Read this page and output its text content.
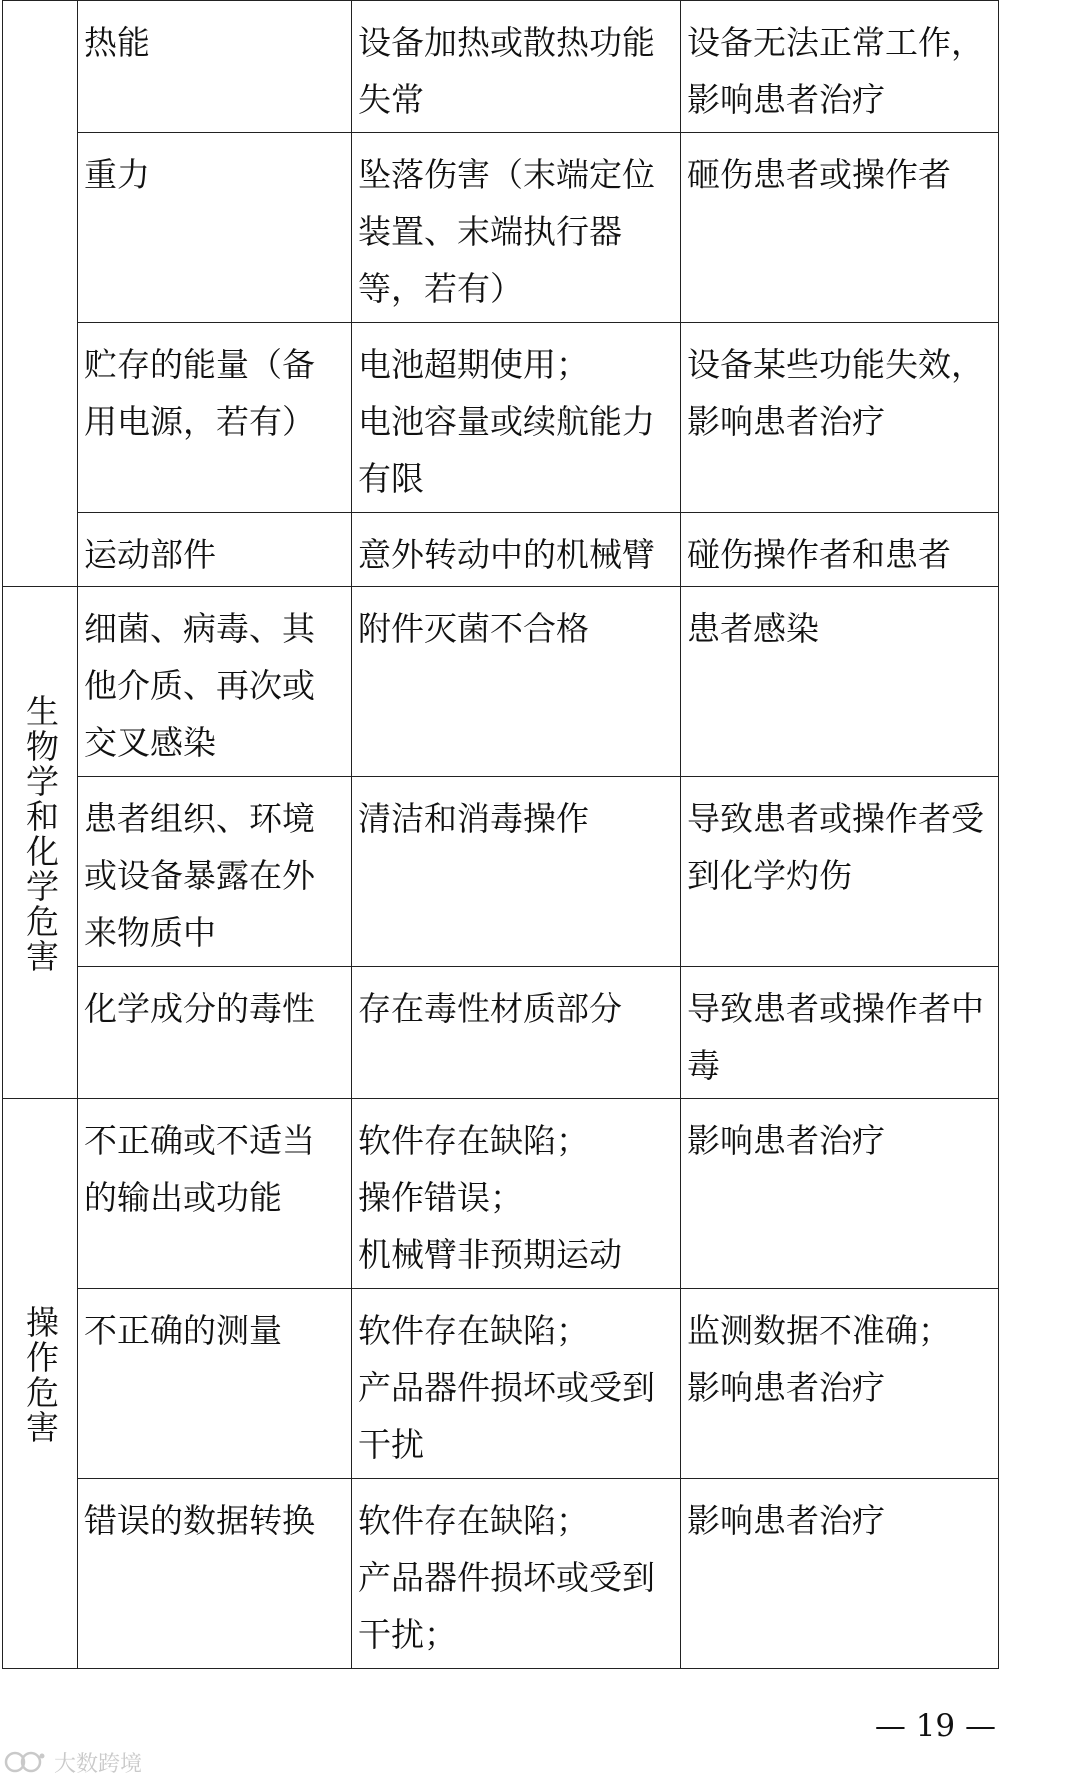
	热能	设备加热或散热功能失常	设备无法正常工作，影响患者治疗

	重力	坠落伤害（末端定位装置、末端执行器等，若有）	砸伤患者或操作者

	贮存的能量（备用电源，若有）	电池超期使用；
电池容量或续航能力有限	设备某些功能失效，影响患者治疗

	运动部件	意外转动中的机械臂	碰伤操作者和患者

生物学和化学危害	细菌、病毒、其他介质、再次或交叉感染	附件灭菌不合格	患者感染

	患者组织、环境或设备暴露在外来物质中	清洁和消毒操作	导致患者或操作者受到化学灼伤

	化学成分的毒性	存在毒性材质部分	导致患者或操作者中毒

操作危害	不正确或不适当的输出或功能	软件存在缺陷；
操作错误；
机械臂非预期运动	影响患者治疗

	不正确的测量	软件存在缺陷；
产品器件损坏或受到干扰	监测数据不准确；
影响患者治疗

	错误的数据转换	软件存在缺陷；
产品器件损坏或受到干扰；	影响患者治疗
— 19 —
大数跨境
